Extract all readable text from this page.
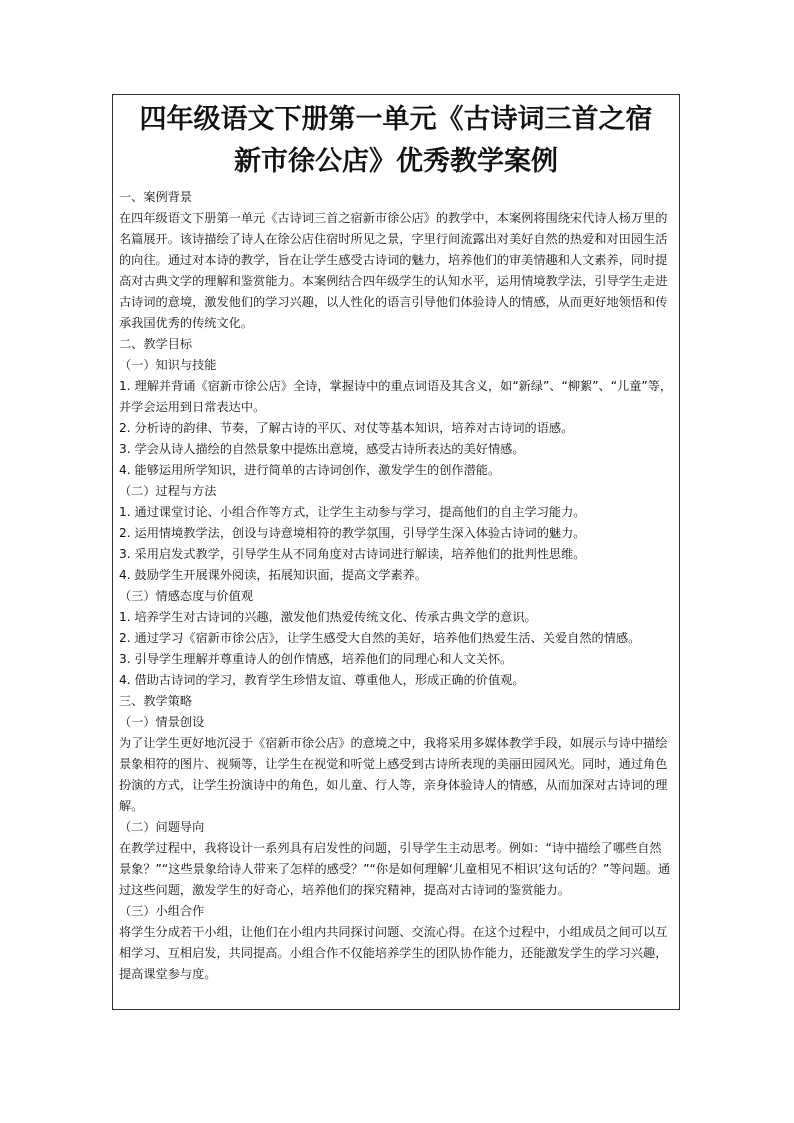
四年级语文下册第一单元《古诗词三首之宿
新市徐公店》优秀教学案例

一、案例背景

在四年级语文下册第一单元《古诗词三首之宿新市徐公店》的教学中，本案例将围绕宋代诗人杨万里的名篇展开。该诗描绘了诗人在徐公店住宿时所见之景，字里行间流露出对美好自然的热爱和对田园生活的向往。通过对本诗的教学，旨在让学生感受古诗词的魅力，培养他们的审美情趣和人文素养，同时提高对古典文学的理解和鉴赏能力。本案例结合四年级学生的认知水平，运用情境教学法，引导学生走进古诗词的意境，激发他们的学习兴趣，以人性化的语言引导他们体验诗人的情感，从而更好地领悟和传承我国优秀的传统文化。

二、教学目标

（一）知识与技能

1. 理解并背诵《宿新市徐公店》全诗，掌握诗中的重点词语及其含义，如“新绿”、“柳絮”、“儿童”等，并学会运用到日常表达中。

2. 分析诗的韵律、节奏，了解古诗的平仄、对仗等基本知识，培养对古诗词的语感。

3. 学会从诗人描绘的自然景象中提炼出意境，感受古诗所表达的美好情感。

4. 能够运用所学知识，进行简单的古诗词创作，激发学生的创作潜能。

（二）过程与方法

1. 通过课堂讨论、小组合作等方式，让学生主动参与学习，提高他们的自主学习能力。

2. 运用情境教学法，创设与诗意境相符的教学氛围，引导学生深入体验古诗词的魅力。

3. 采用启发式教学，引导学生从不同角度对古诗词进行解读，培养他们的批判性思维。

4. 鼓励学生开展课外阅读，拓展知识面，提高文学素养。

（三）情感态度与价值观

1. 培养学生对古诗词的兴趣，激发他们热爱传统文化、传承古典文学的意识。

2. 通过学习《宿新市徐公店》，让学生感受大自然的美好，培养他们热爱生活、关爱自然的情感。

3. 引导学生理解并尊重诗人的创作情感，培养他们的同理心和人文关怀。

4. 借助古诗词的学习，教育学生珍惜友谊、尊重他人，形成正确的价值观。

三、教学策略

（一）情景创设

为了让学生更好地沉浸于《宿新市徐公店》的意境之中，我将采用多媒体教学手段，如展示与诗中描绘景象相符的图片、视频等，让学生在视觉和听觉上感受到古诗所表现的美丽田园风光。同时，通过角色扮演的方式，让学生扮演诗中的角色，如儿童、行人等，亲身体验诗人的情感，从而加深对古诗词的理解。

（二）问题导向

在教学过程中，我将设计一系列具有启发性的问题，引导学生主动思考。例如：“诗中描绘了哪些自然景象？”“这些景象给诗人带来了怎样的感受？”“你是如何理解‘儿童相见不相识’这句话的？”等问题。通过这些问题，激发学生的好奇心，培养他们的探究精神，提高对古诗词的鉴赏能力。

（三）小组合作

将学生分成若干小组，让他们在小组内共同探讨问题、交流心得。在这个过程中，小组成员之间可以互相学习、互相启发，共同提高。小组合作不仅能培养学生的团队协作能力，还能激发学生的学习兴趣，提高课堂参与度。
